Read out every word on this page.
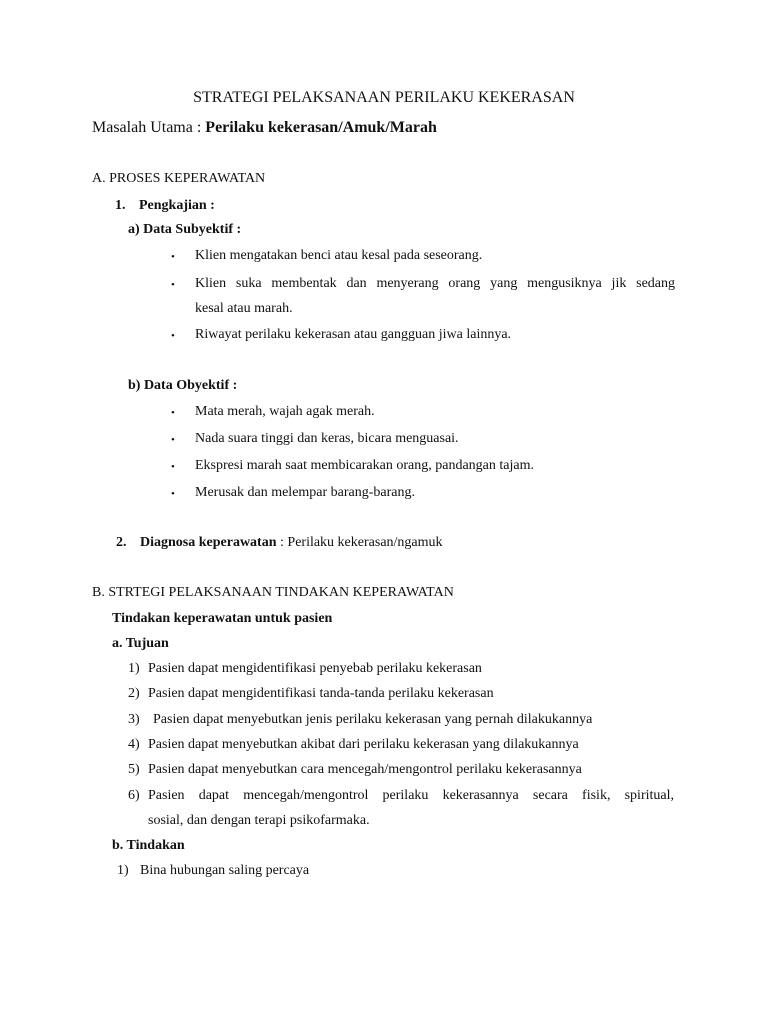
STRATEGI PELAKSANAAN PERILAKU KEKERASAN
Masalah Utama : Perilaku kekerasan/Amuk/Marah
A. PROSES KEPERAWATAN
1. Pengkajian :
a) Data Subyektif :
• Klien mengatakan benci atau kesal pada seseorang.
• Klien suka membentak dan menyerang orang yang mengusiknya jik sedang
kesal atau marah.
• Riwayat perilaku kekerasan atau gangguan jiwa lainnya.
b) Data Obyektif :
• Mata merah, wajah agak merah.
• Nada suara tinggi dan keras, bicara menguasai.
• Ekspresi marah saat membicarakan orang, pandangan tajam.
• Merusak dan melempar barang-barang.
2. Diagnosa keperawatan : Perilaku kekerasan/ngamuk
B. STRTEGI PELAKSANAAN TINDAKAN KEPERAWATAN
Tindakan keperawatan untuk pasien
a. Tujuan
1) Pasien dapat mengidentifikasi penyebab perilaku kekerasan
2) Pasien dapat mengidentifikasi tanda-tanda perilaku kekerasan
3) Pasien dapat menyebutkan jenis perilaku kekerasan yang pernah dilakukannya
4) Pasien dapat menyebutkan akibat dari perilaku kekerasan yang dilakukannya
5) Pasien dapat menyebutkan cara mencegah/mengontrol perilaku kekerasannya
6) Pasien dapat mencegah/mengontrol perilaku kekerasannya secara fisik, spiritual,
sosial, dan dengan terapi psikofarmaka.
b. Tindakan
1) Bina hubungan saling percaya
